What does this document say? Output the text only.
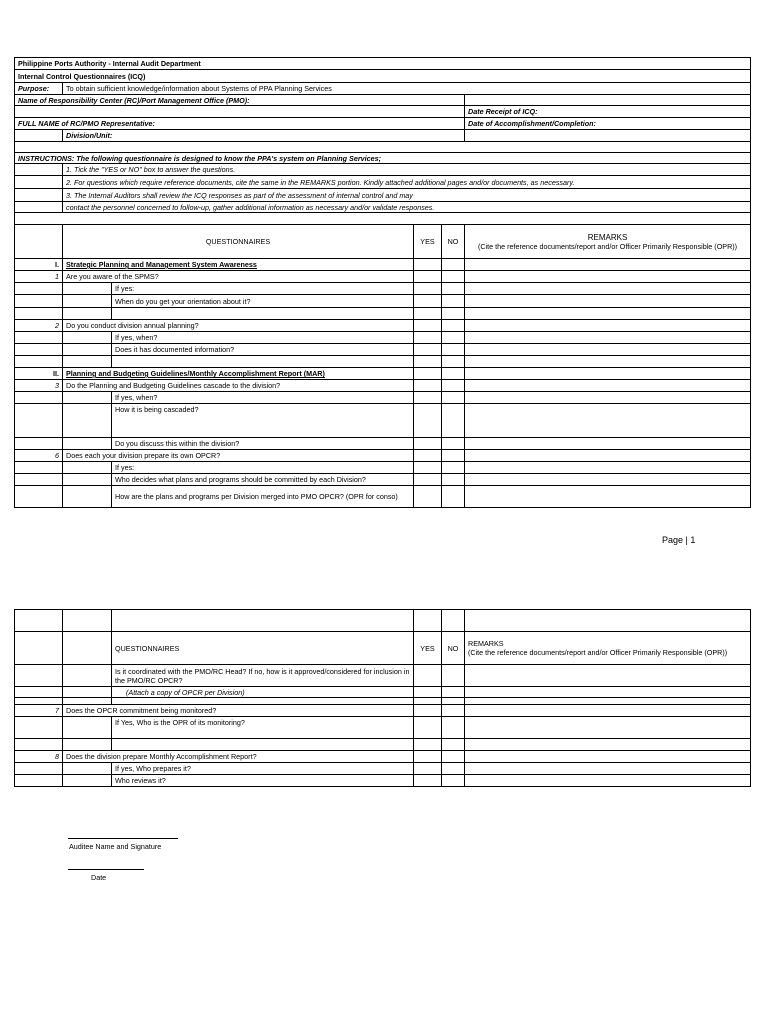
Philippine Ports Authority - Internal Audit Department					
Internal Control Questionnaires (ICQ)					
Purpose:	To obtain sufficient knowledge/information about Systems of PPA Planning Services				
Name of Responsibility Center (RC)/Port Management Office (PMO):					
					Date Receipt of ICQ:
FULL NAME of RC/PMO Representative:					Date of Accomplishment/Completion:
	Division/Unit:				

INSTRUCTIONS: The following questionnaire is designed to know the PPA's system on Planning Services;					
	1. Tick the "YES or NO" box to answer the questions.				
	2. For questions which require reference documents, cite the same in the REMARKS portion. Kindly attached additional pages and/or documents, as necessary.				
	3. The Internal Auditors shall review the ICQ responses as part of the assessment of internal control and may				
	contact the personnel concerned to follow-up, gather additional information as necessary and/or validate responses.				

	QUESTIONNAIRES		YES	NO	REMARKS
(Cite the reference documents/report and/or Officer Primarily Responsible (OPR))

I.	Strategic Planning and Management System Awareness				
1	Are you aware of the SPMS?				
		If yes:			
		When do you get your orientation about it?			

2	Do you conduct division annual planning?				
		If yes, when?			
		Does it has documented information?			

II.	Planning and Budgeting Guidelines/Monthly Accomplishment Report (MAR)				
3	Do the Planning and Budgeting Guidelines cascade to the division?				
		If yes, when?			
		How it is being cascaded?			
		Do you discuss this within the division?			
6	Does each your division prepare its own OPCR?				
		If yes:			
		Who decides what plans and programs should be committed by each Division?			
		How are the plans and programs per Division merged into PMO OPCR? (OPR for conso)			
Page | 1

		QUESTIONNAIRES	YES	NO	REMARKS
(Cite the reference documents/report and/or Officer Primarily Responsible (OPR))

		Is it coordinated with the PMO/RC Head? If no, how is it approved/considered for inclusion in the PMO/RC OPCR?			
		(Attach a copy of OPCR per Division)			

7	Does the OPCR commitment being monitored?				
		If Yes, Who is the OPR of its monitoring?			

8	Does the division prepare Monthly Accomplishment Report?				
		If yes, Who prepares it?			
		Who reviews it?			
Auditee Name and Signature
Date
